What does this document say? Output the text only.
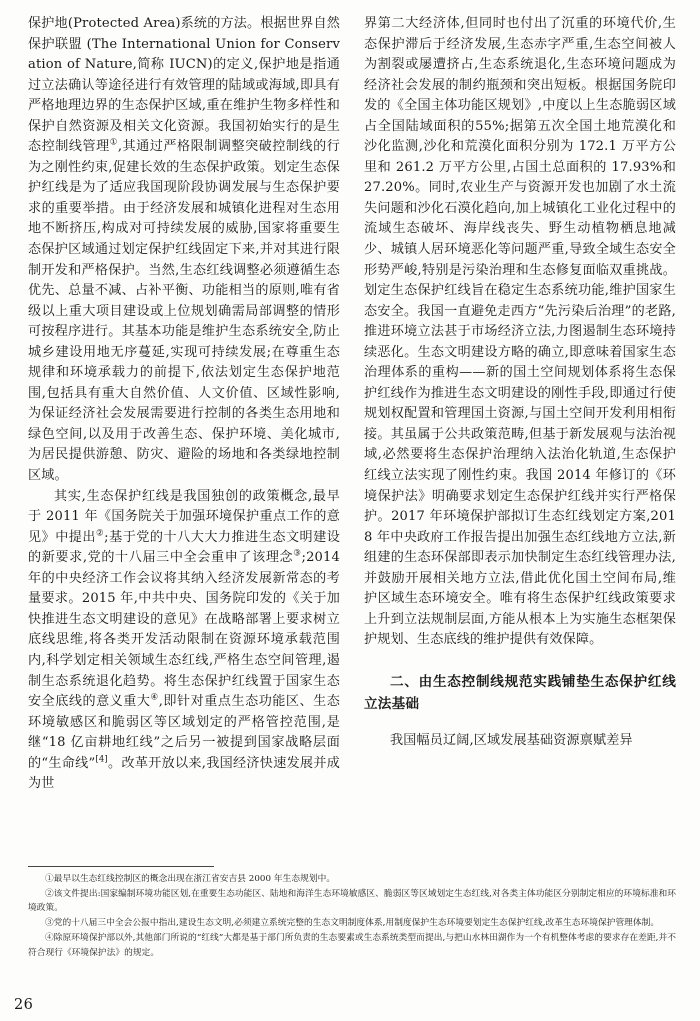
保护地(Protected Area)系统的方法。根据世界自然保护联盟 (The International Union for Conservation of Nature,简称 IUCN)的定义,保护地是指通过立法确认等途径进行有效管理的陆域或海域,即具有严格地理边界的生态保护区域,重在维护生物多样性和保护自然资源及相关文化资源。我国初始实行的是生态控制线管理①,其通过严格限制调整突破控制线的行为之刚性约束,促建长效的生态保护政策。划定生态保护红线是为了适应我国现阶段协调发展与生态保护要求的重要举措。由于经济发展和城镇化进程对生态用地不断挤压,构成对可持续发展的威胁,国家将重要生态保护区域通过划定保护红线固定下来,并对其进行限制开发和严格保护。当然,生态红线调整必须遵循生态优先、总量不减、占补平衡、功能相当的原则,唯有省级以上重大项目建设或上位规划确需局部调整的情形可按程序进行。其基本功能是维护生态系统安全,防止城乡建设用地无序蔓延,实现可持续发展;在尊重生态规律和环境承载力的前提下,依法划定生态保护地范围,包括具有重大自然价值、人文价值、区域性影响,为保证经济社会发展需要进行控制的各类生态用地和绿色空间,以及用于改善生态、保护环境、美化城市,为居民提供游憩、防灾、避险的场地和各类绿地控制区域。

其实,生态保护红线是我国独创的政策概念,最早于 2011 年《国务院关于加强环境保护重点工作的意见》中提出②;基于党的十八大大力推进生态文明建设的新要求,党的十八届三中全会重申了该理念③;2014 年的中央经济工作会议将其纳入经济发展新常态的考量要求。2015 年,中共中央、国务院印发的《关于加快推进生态文明建设的意见》在战略部署上要求树立底线思维,将各类开发活动限制在资源环境承载范围内,科学划定相关领域生态红线,严格生态空间管理,遏制生态系统退化趋势。将生态保护红线置于国家生态安全底线的意义重大④,即针对重点生态功能区、生态环境敏感区和脆弱区等区域划定的严格管控范围,是继“18 亿亩耕地红线”之后另一被提到国家战略层面的“生命线”[4]。改革开放以来,我国经济快速发展并成为世

界第二大经济体,但同时也付出了沉重的环境代价,生态保护滞后于经济发展,生态赤字严重,生态空间被人为割裂或屡遭挤占,生态系统退化,生态环境问题成为经济社会发展的制约瓶颈和突出短板。根据国务院印发的《全国主体功能区规划》,中度以上生态脆弱区域占全国陆域面积的55%;据第五次全国土地荒漠化和沙化监测,沙化和荒漠化面积分别为 172.1 万平方公里和 261.2 万平方公里,占国土总面积的 17.93%和 27.20%。同时,农业生产与资源开发也加剧了水土流失问题和沙化石漠化趋向,加上城镇化工业化过程中的流域生态破坏、海岸线丧失、野生动植物栖息地减少、城镇人居环境恶化等问题严重,导致全域生态安全形势严峻,特别是污染治理和生态修复面临双重挑战。划定生态保护红线旨在稳定生态系统功能,维护国家生态安全。我国一直避免走西方“先污染后治理”的老路,推进环境立法甚于市场经济立法,力图遏制生态环境持续恶化。生态文明建设方略的确立,即意味着国家生态治理体系的重构——新的国土空间规划体系将生态保护红线作为推进生态文明建设的刚性手段,即通过行使规划权配置和管理国土资源,与国土空间开发利用相衔接。其虽属于公共政策范畴,但基于新发展观与法治视域,必然要将生态保护治理纳入法治化轨道,生态保护红线立法实现了刚性约束。我国 2014 年修订的《环境保护法》明确要求划定生态保护红线并实行严格保护。2017 年环境保护部拟订生态红线划定方案,2018 年中央政府工作报告提出加强生态红线地方立法,新组建的生态环保部即表示加快制定生态红线管理办法,并鼓励开展相关地方立法,借此优化国土空间布局,维护区域生态环境安全。唯有将生态保护红线政策要求上升到立法规制层面,方能从根本上为实施生态框架保护规划、生态底线的维护提供有效保障。

二、由生态控制线规范实践铺垫生态保护红线立法基础

我国幅员辽阔,区域发展基础资源禀赋差异

①最早以生态红线控制区的概念出现在浙江省安吉县 2000 年生态规划中。

②该文件提出:国家编制环境功能区划,在重要生态功能区、陆地和海洋生态环境敏感区、脆弱区等区域划定生态红线,对各类主体功能区分别制定相应的环境标准和环境政策。

③党的十八届三中全会公报中指出,建设生态文明,必须建立系统完整的生态文明制度体系,用制度保护生态环境要划定生态保护红线,改革生态环境保护管理体制。

④除原环境保护部以外,其他部门所说的“红线”大都是基于部门所负责的生态要素或生态系统类型而提出,与把山水林田湖作为一个有机整体考虑的要求存在差距,并不符合现行《环境保护法》的规定。

26
